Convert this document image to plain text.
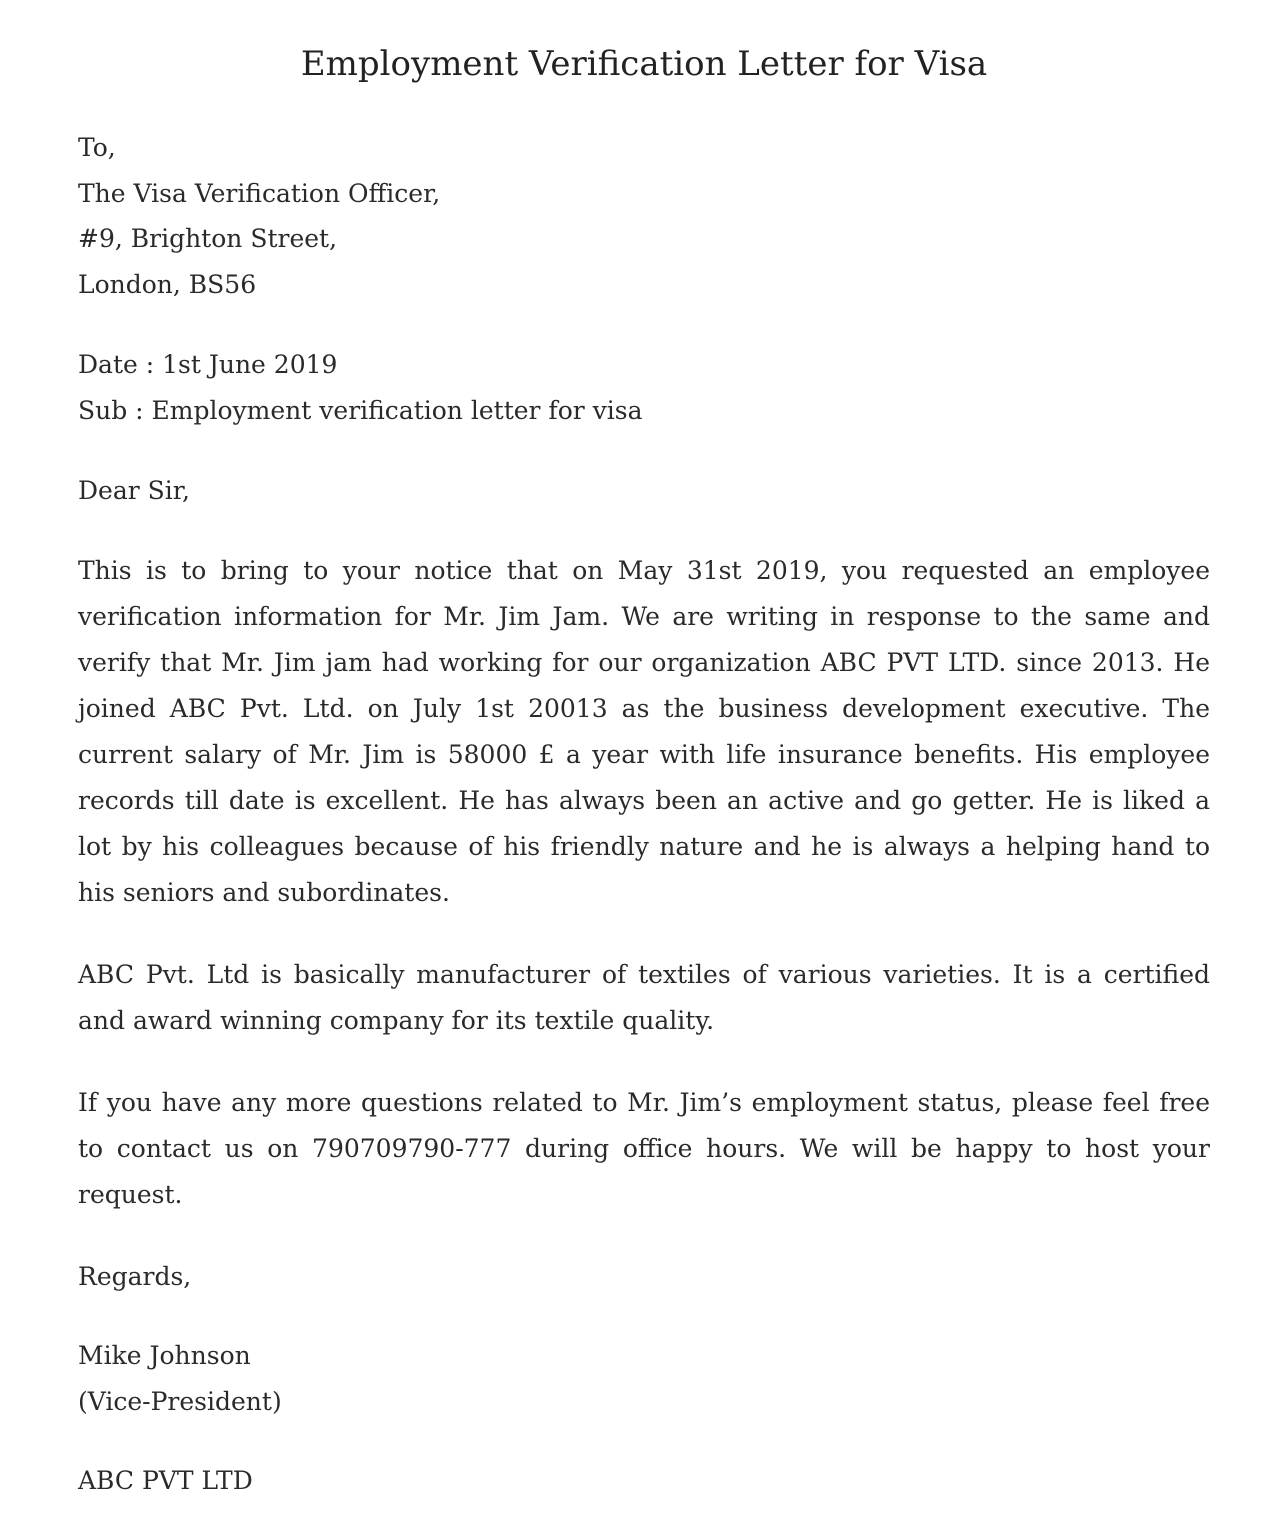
Employment Verification Letter for Visa
To,
The Visa Verification Officer,
#9, Brighton Street,
London, BS56
Date : 1st June 2019
Sub : Employment verification letter for visa
Dear Sir,

This is to bring to your notice that on May 31st 2019, you requested an employee verification information for Mr. Jim Jam. We are writing in response to the same and verify that Mr. Jim jam had working for our organization ABC PVT LTD. since 2013. He joined ABC Pvt. Ltd. on July 1st 20013 as the business development executive. The current salary of Mr. Jim is 58000 £ a year with life insurance benefits. His employee records till date is excellent. He has always been an active and go getter. He is liked a lot by his colleagues because of his friendly nature and he is always a helping hand to his seniors and subordinates.

ABC Pvt. Ltd is basically manufacturer of textiles of various varieties. It is a certified and award winning company for its textile quality.

If you have any more questions related to Mr. Jim’s employment status, please feel free to contact us on 790709790-777 during office hours. We will be happy to host your request.

Regards,
Mike Johnson
(Vice-President)
ABC PVT LTD
